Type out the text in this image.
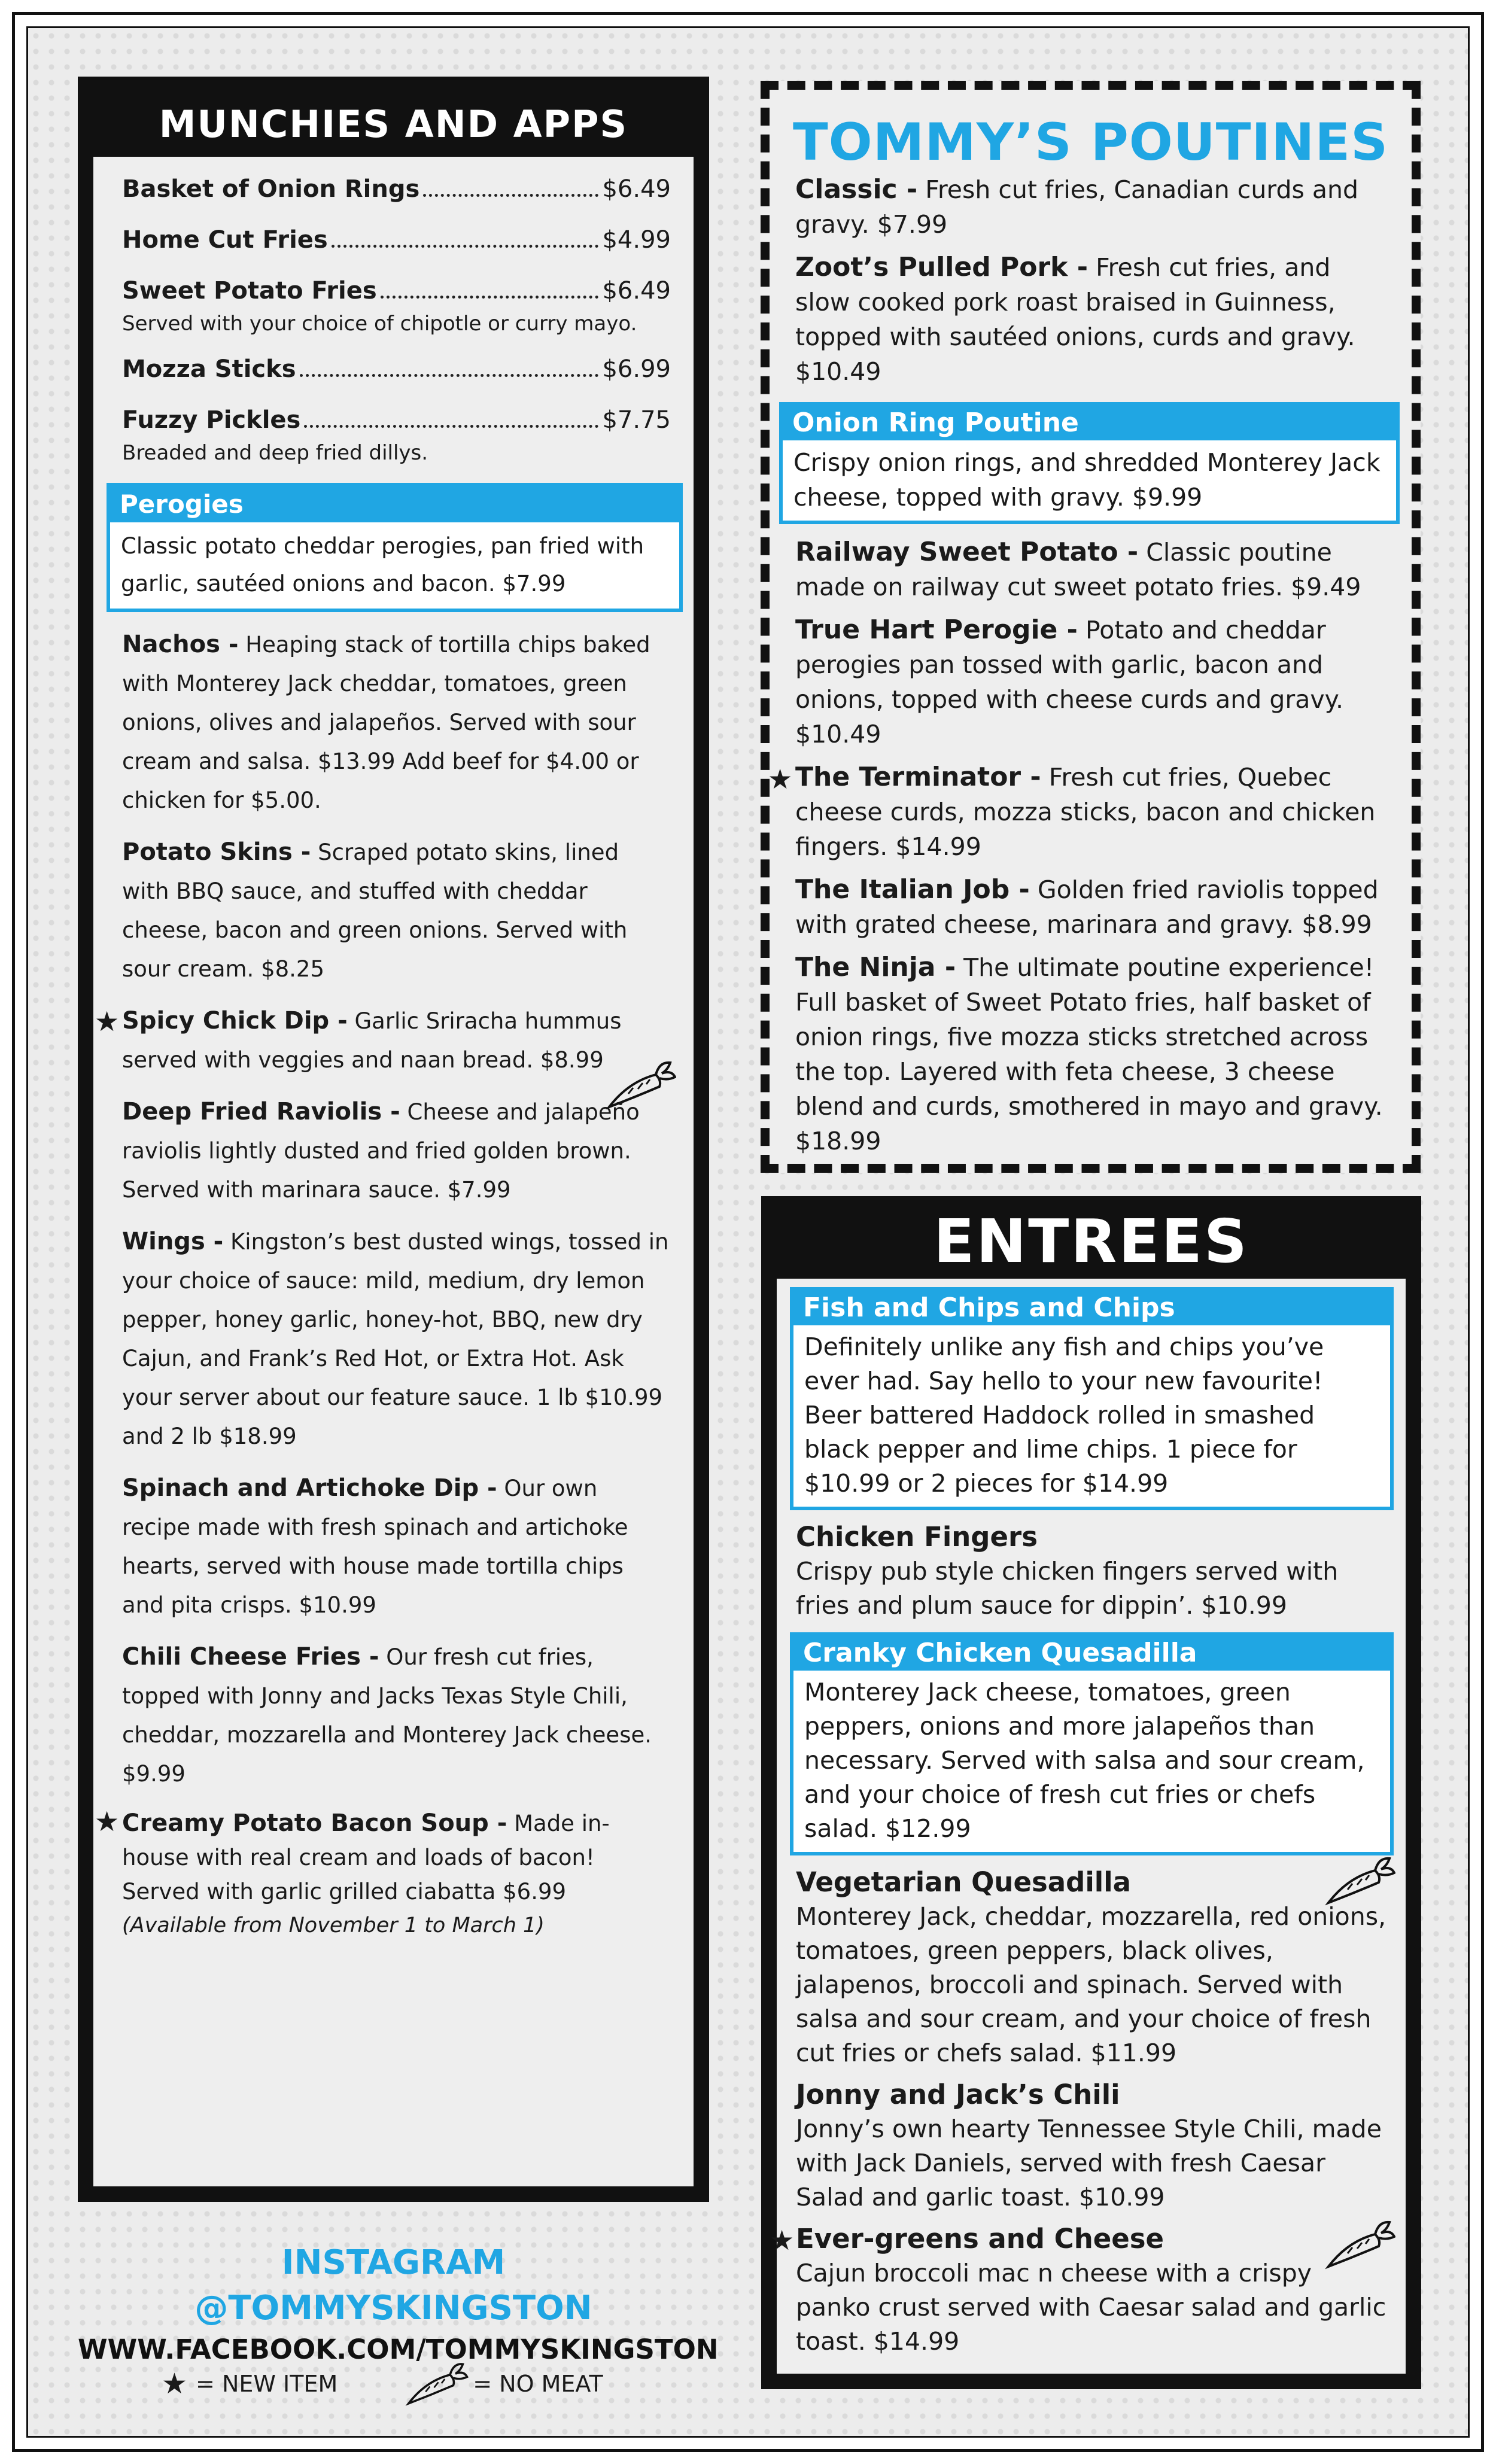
MUNCHIES AND APPS
Basket of Onion Rings	$6.49
Home Cut Fries	$4.99
Sweet Potato Fries	$6.49
Served with your choice of chipotle or curry mayo.
Mozza Sticks	$6.99
Fuzzy Pickles	$7.75
Breaded and deep fried dillys.
Perogies
Classic potato cheddar perogies, pan fried with garlic, sautéed onions and bacon. $7.99
Nachos - Heaping stack of tortilla chips baked with Monterey Jack cheddar, tomatoes, green onions, olives and jalapeños. Served with sour cream and salsa. $13.99 Add beef for $4.00 or chicken for $5.00.
Potato Skins - Scraped potato skins, lined with BBQ sauce, and stuffed with cheddar cheese, bacon and green onions. Served with sour cream. $8.25
★ Spicy Chick Dip - Garlic Sriracha hummus served with veggies and naan bread. $8.99
Deep Fried Raviolis - Cheese and jalapeño raviolis lightly dusted and fried golden brown. Served with marinara sauce. $7.99
Wings - Kingston’s best dusted wings, tossed in your choice of sauce: mild, medium, dry lemon pepper, honey garlic, honey-hot, BBQ, new dry Cajun, and Frank’s Red Hot, or Extra Hot. Ask your server about our feature sauce. 1 lb $10.99 and 2 lb $18.99
Spinach and Artichoke Dip - Our own recipe made with fresh spinach and artichoke hearts, served with house made tortilla chips and pita crisps. $10.99
Chili Cheese Fries - Our fresh cut fries, topped with Jonny and Jacks Texas Style Chili, cheddar, mozzarella and Monterey Jack cheese. $9.99
★ Creamy Potato Bacon Soup - Made in-house with real cream and loads of bacon! Served with garlic grilled ciabatta $6.99
(Available from November 1 to March 1)
TOMMY’S POUTINES
Classic - Fresh cut fries, Canadian curds and gravy. $7.99
Zoot’s Pulled Pork - Fresh cut fries, and slow cooked pork roast braised in Guinness, topped with sautéed onions, curds and gravy. $10.49
Onion Ring Poutine
Crispy onion rings, and shredded Monterey Jack cheese, topped with gravy. $9.99
Railway Sweet Potato - Classic poutine made on railway cut sweet potato fries. $9.49
True Hart Perogie - Potato and cheddar perogies pan tossed with garlic, bacon and onions, topped with cheese curds and gravy. $10.49
★ The Terminator - Fresh cut fries, Quebec cheese curds, mozza sticks, bacon and chicken fingers. $14.99
The Italian Job - Golden fried raviolis topped with grated cheese, marinara and gravy. $8.99
The Ninja - The ultimate poutine experience! Full basket of Sweet Potato fries, half basket of onion rings, five mozza sticks stretched across the top. Layered with feta cheese, 3 cheese blend and curds, smothered in mayo and gravy. $18.99
ENTREES
Fish and Chips and Chips
Definitely unlike any fish and chips you’ve ever had. Say hello to your new favourite! Beer battered Haddock rolled in smashed black pepper and lime chips. 1 piece for $10.99 or 2 pieces for $14.99
Chicken Fingers
Crispy pub style chicken fingers served with fries and plum sauce for dippin’. $10.99
Cranky Chicken Quesadilla
Monterey Jack cheese, tomatoes, green peppers, onions and more jalapeños than necessary. Served with salsa and sour cream, and your choice of fresh cut fries or chefs salad. $12.99
Vegetarian Quesadilla
Monterey Jack, cheddar, mozzarella, red onions, tomatoes, green peppers, black olives, jalapenos, broccoli and spinach. Served with salsa and sour cream, and your choice of fresh cut fries or chefs salad. $11.99
Jonny and Jack’s Chili
Jonny’s own hearty Tennessee Style Chili, made with Jack Daniels, served with fresh Caesar Salad and garlic toast. $10.99
★ Ever-greens and Cheese
Cajun broccoli mac n cheese with a crispy panko crust served with Caesar salad and garlic toast. $14.99
INSTAGRAM @TOMMYSKINGSTON
WWW.FACEBOOK.COM/TOMMYSKINGSTON
★ = NEW ITEM	= NO MEAT
